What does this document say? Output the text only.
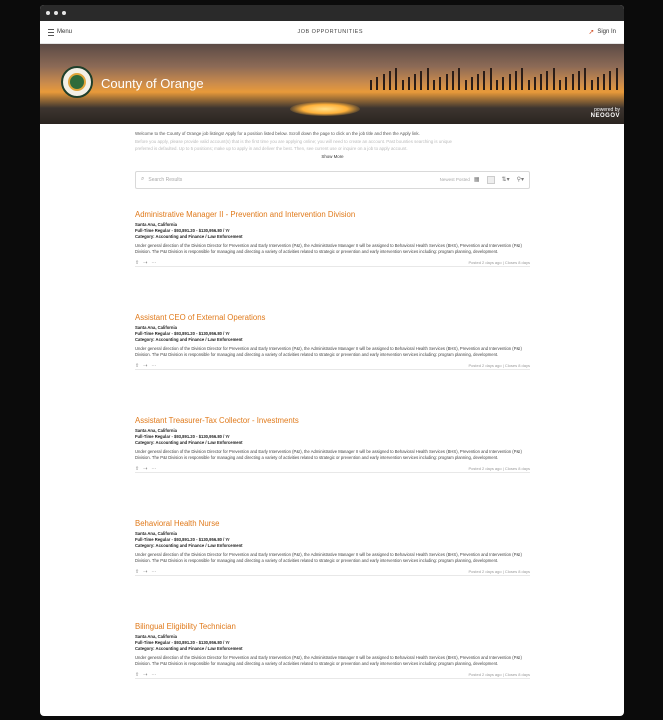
Menu	JOB OPPORTUNITIES	➚ Sign In
County of Orange
powered by
NEOGOV
Welcome to the County of Orange job listings! Apply for a position listed below. Scroll down the page to click on the job title and then the Apply link.
Before you apply, please provide valid account(s) that is the first time you are applying online; you will need to create an account. Past bounties searching is unique
preferred is defaulted. Up to 5 positions; make up to apply in and deliver the best. Then, see current use or inquire on a job to apply account.
Show More
⌕ Search Results	Newest Posted ▦	⇅▾ ⚲▾
Administrative Manager II - Prevention and Intervention Division
Santa Ana, California
Full-Time Regular - $93,891.20 - $130,956.80 / Yr
Category: Accounting and Finance / Law Enforcement
Under general direction of the Division Director for Prevention and Early Intervention (P&I), the Administrative Manager II will be assigned to Behavioral Health Services (BHS), Prevention and Intervention (P&I) Division. The P&I Division is responsible for managing and directing a variety of activities related to strategic or prevention and early intervention services including: program planning, development.
⇧ ⇢ ⋯	Posted 2 days ago | Closes 8 days
Assistant CEO of External Operations
Santa Ana, California
Full-Time Regular - $93,891.20 - $130,956.80 / Yr
Category: Accounting and Finance / Law Enforcement
Under general direction of the Division Director for Prevention and Early Intervention (P&I), the Administrative Manager II will be assigned to Behavioral Health Services (BHS), Prevention and Intervention (P&I) Division. The P&I Division is responsible for managing and directing a variety of activities related to strategic or prevention and early intervention services including: program planning, development.
⇧ ⇢ ⋯	Posted 2 days ago | Closes 8 days
Assistant Treasurer-Tax Collector - Investments
Santa Ana, California
Full-Time Regular - $93,891.20 - $130,956.80 / Yr
Category: Accounting and Finance / Law Enforcement
Under general direction of the Division Director for Prevention and Early Intervention (P&I), the Administrative Manager II will be assigned to Behavioral Health Services (BHS), Prevention and Intervention (P&I) Division. The P&I Division is responsible for managing and directing a variety of activities related to strategic or prevention and early intervention services including: program planning, development.
⇧ ⇢ ⋯	Posted 2 days ago | Closes 8 days
Behavioral Health Nurse
Santa Ana, California
Full-Time Regular - $93,891.20 - $130,956.80 / Yr
Category: Accounting and Finance / Law Enforcement
Under general direction of the Division Director for Prevention and Early Intervention (P&I), the Administrative Manager II will be assigned to Behavioral Health Services (BHS), Prevention and Intervention (P&I) Division. The P&I Division is responsible for managing and directing a variety of activities related to strategic or prevention and early intervention services including: program planning, development.
⇧ ⇢ ⋯	Posted 2 days ago | Closes 8 days
Bilingual Eligibility Technician
Santa Ana, California
Full-Time Regular - $93,891.20 - $130,956.80 / Yr
Category: Accounting and Finance / Law Enforcement
Under general direction of the Division Director for Prevention and Early Intervention (P&I), the Administrative Manager II will be assigned to Behavioral Health Services (BHS), Prevention and Intervention (P&I) Division. The P&I Division is responsible for managing and directing a variety of activities related to strategic or prevention and early intervention services including: program planning, development.
⇧ ⇢ ⋯	Posted 2 days ago | Closes 8 days
